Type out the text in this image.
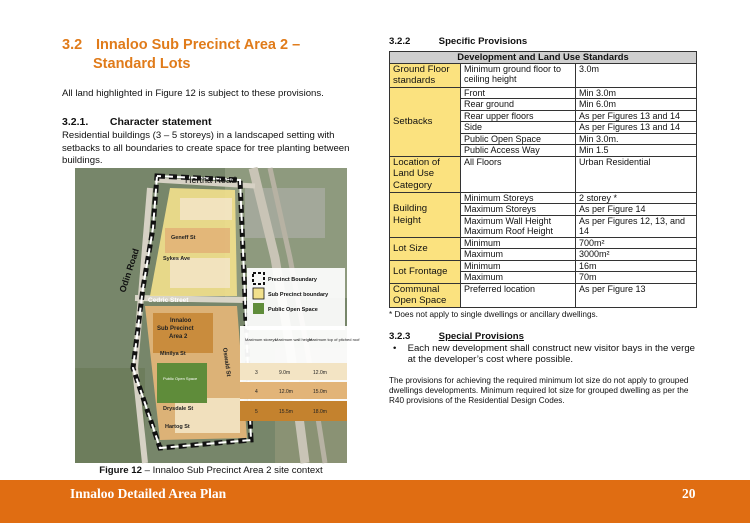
3.2 Innaloo Sub Precinct Area 2 –
Standard Lots

All land highlighted in Figure 12 is subject to these provisions.

3.2.1. Character statement

Residential buildings (3 – 5 storeys) in a landscaped setting with setbacks to all boundaries to create space for tree planting between buildings.

Hertha Road
Odin Road
Cedric Street
Oswald St
Geneff St
Sykes Ave
Innaloo
Sub Precinct
Area 2
Minilya St
Public Open Space
Drysdale St
Hartog St
Precinct Boundary
Sub Precinct boundary
Public Open Space
Maximum storeys
Maximum wall height
Maximum top of pitched roof
3	9.0m	12.0m
4	12.0m	15.0m
5	15.5m	18.0m
Figure 12 – Innaloo Sub Precinct Area 2 site context
3.2.2	Specific Provisions
Development and Land Use Standards		
Ground Floor standards	Minimum ground floor to ceiling height	3.0m
Setbacks	Front	Min 3.0m
	Rear ground	Min 6.0m
	Rear upper floors	As per Figures 13 and 14
	Side	As per Figures 13 and 14
	Public Open Space	Min 3.0m.
	Public Access Way	Min 1.5
Location of Land Use Category	All Floors	Urban Residential
Building Height	Minimum Storeys	2 storey *
	Maximum Storeys	As per Figure 14
	Maximum Wall Height Maximum Roof Height	As per Figures 12, 13, and 14
Lot Size	Minimum	700m²
	Maximum	3000m²
Lot Frontage	Minimum	16m
	Maximum	70m
Communal Open Space	Preferred location	As per Figure 13

* Does not apply to single dwellings or ancillary dwellings.

3.2.3	Special Provisions
•	Each new development shall construct new visitor bays in the verge at the developer’s cost where possible.

The provisions for achieving the required minimum lot size do not apply to grouped dwellings developments. Minimum required lot size for grouped dwelling as per the R40 provisions of the Residential Design Codes.

Innaloo Detailed Area Plan	20
